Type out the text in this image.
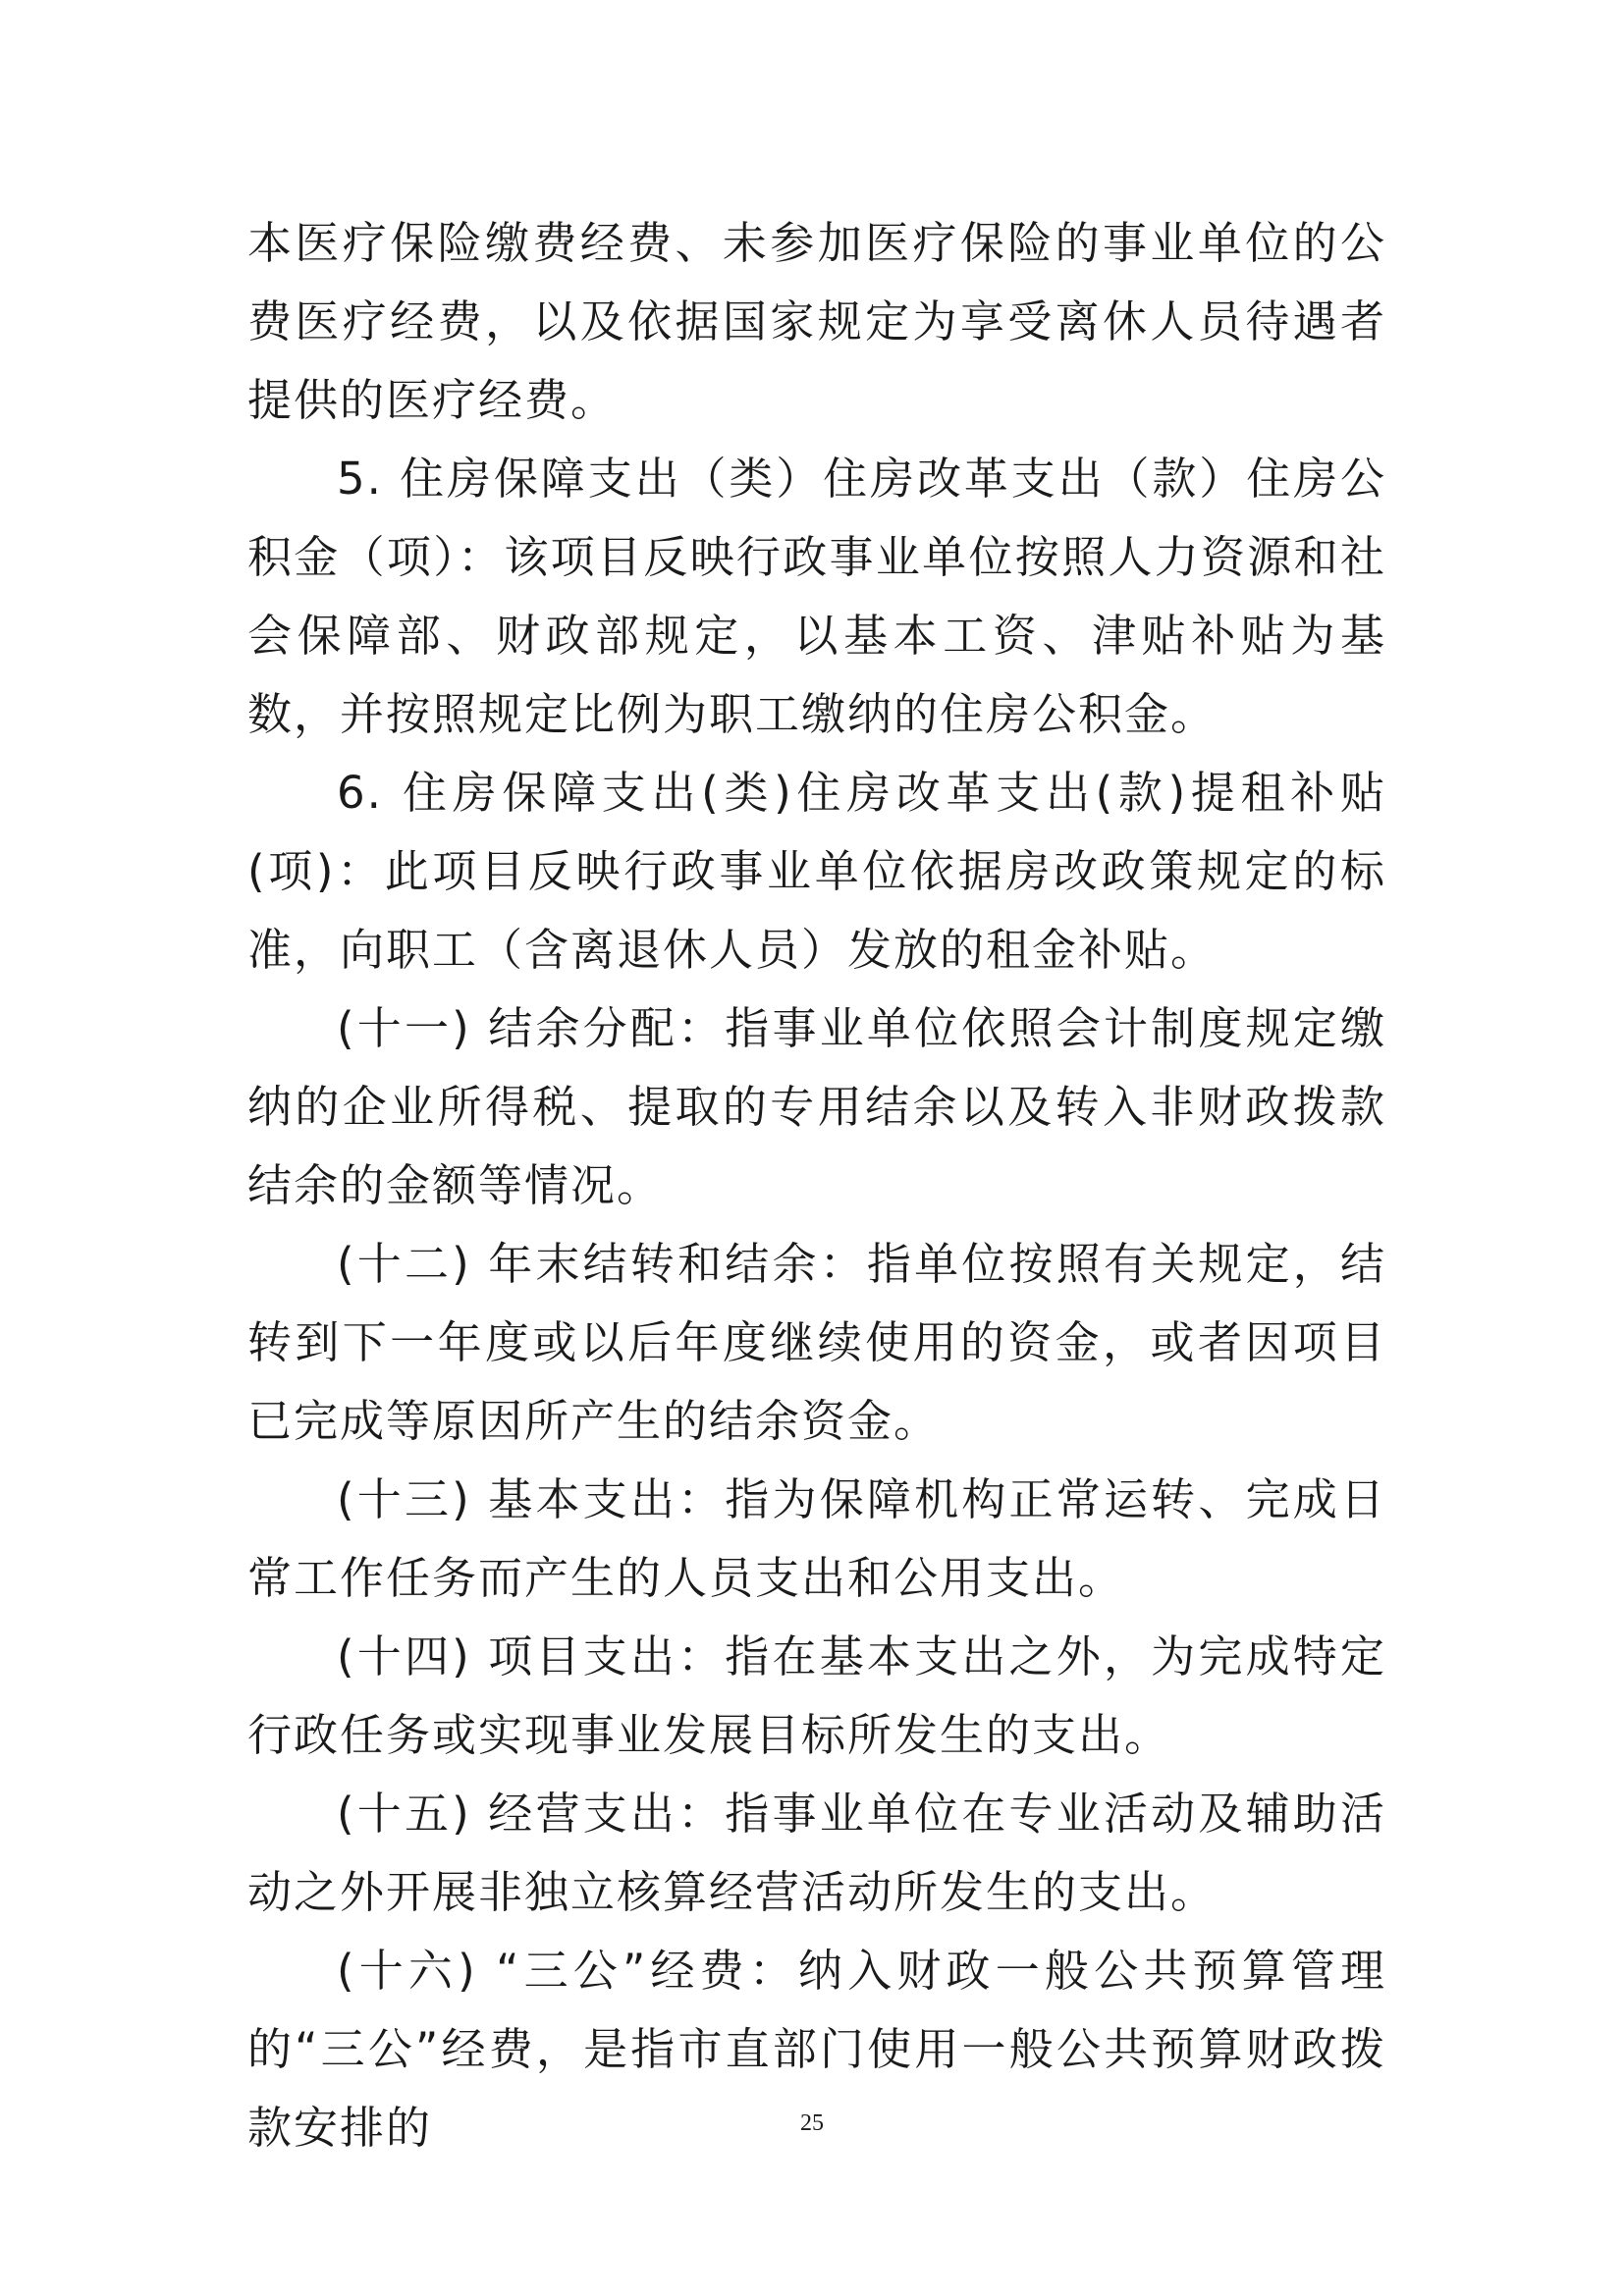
本医疗保险缴费经费、未参加医疗保险的事业单位的公费医疗经费，以及依据国家规定为享受离休人员待遇者提供的医疗经费。

5. 住房保障支出（类）住房改革支出（款）住房公积金（项）：该项目反映行政事业单位按照人力资源和社会保障部、财政部规定，以基本工资、津贴补贴为基数，并按照规定比例为职工缴纳的住房公积金。

6. 住房保障支出(类)住房改革支出(款)提租补贴(项)：此项目反映行政事业单位依据房改政策规定的标准，向职工（含离退休人员）发放的租金补贴。

(十一) 结余分配：指事业单位依照会计制度规定缴纳的企业所得税、提取的专用结余以及转入非财政拨款结余的金额等情况。

(十二) 年末结转和结余：指单位按照有关规定，结转到下一年度或以后年度继续使用的资金，或者因项目已完成等原因所产生的结余资金。

(十三) 基本支出：指为保障机构正常运转、完成日常工作任务而产生的人员支出和公用支出。

(十四) 项目支出：指在基本支出之外，为完成特定行政任务或实现事业发展目标所发生的支出。

(十五) 经营支出：指事业单位在专业活动及辅助活动之外开展非独立核算经营活动所发生的支出。

(十六) “三公”经费：纳入财政一般公共预算管理的“三公”经费，是指市直部门使用一般公共预算财政拨款安排的	25
